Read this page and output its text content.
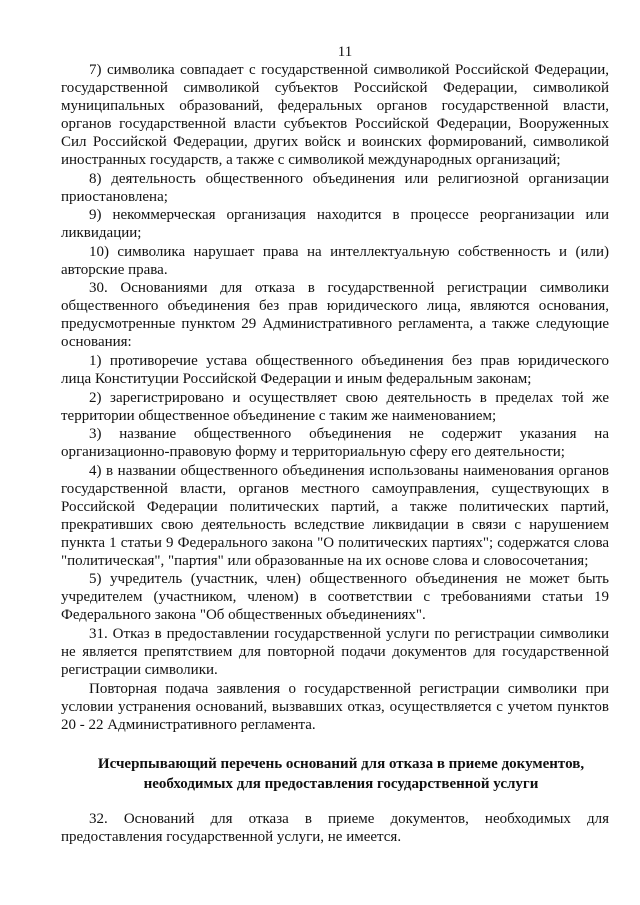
11
7) символика совпадает с государственной символикой Российской Федерации,
государственной символикой субъектов Российской Федерации, символикой
муниципальных образований, федеральных органов государственной власти,
органов государственной власти субъектов Российской Федерации, Вооруженных
Сил Российской Федерации, других войск и воинских формирований, символикой
иностранных государств, а также с символикой международных организаций;
8) деятельность общественного объединения или религиозной организации
приостановлена;
9) некоммерческая организация находится в процессе реорганизации или
ликвидации;
10) символика нарушает права на интеллектуальную собственность и (или)
авторские права.
30. Основаниями для отказа в государственной регистрации символики
общественного объединения без прав юридического лица, являются основания,
предусмотренные пунктом 29 Административного регламента, а также следующие
основания:
1) противоречие устава общественного объединения без прав юридического
лица Конституции Российской Федерации и иным федеральным законам;
2) зарегистрировано и осуществляет свою деятельность в пределах той же
территории общественное объединение с таким же наименованием;
3) название общественного объединения не содержит указания на
организационно-правовую форму и территориальную сферу его деятельности;
4) в названии общественного объединения использованы наименования органов
государственной власти, органов местного самоуправления, существующих в
Российской Федерации политических партий, а также политических партий,
прекративших свою деятельность вследствие ликвидации в связи с нарушением
пункта 1 статьи 9 Федерального закона "О политических партиях"; содержатся слова
"политическая", "партия" или образованные на их основе слова и словосочетания;
5) учредитель (участник, член) общественного объединения не может быть
учредителем (участником, членом) в соответствии с требованиями статьи 19
Федерального закона "Об общественных объединениях".
31. Отказ в предоставлении государственной услуги по регистрации символики
не является препятствием для повторной подачи документов для государственной
регистрации символики.
Повторная подача заявления о государственной регистрации символики при
условии устранения оснований, вызвавших отказ, осуществляется с учетом пунктов
20 - 22 Административного регламента.
Исчерпывающий перечень оснований для отказа в приеме документов,
необходимых для предоставления государственной услуги
32. Оснований для отказа в приеме документов, необходимых для
предоставления государственной услуги, не имеется.
